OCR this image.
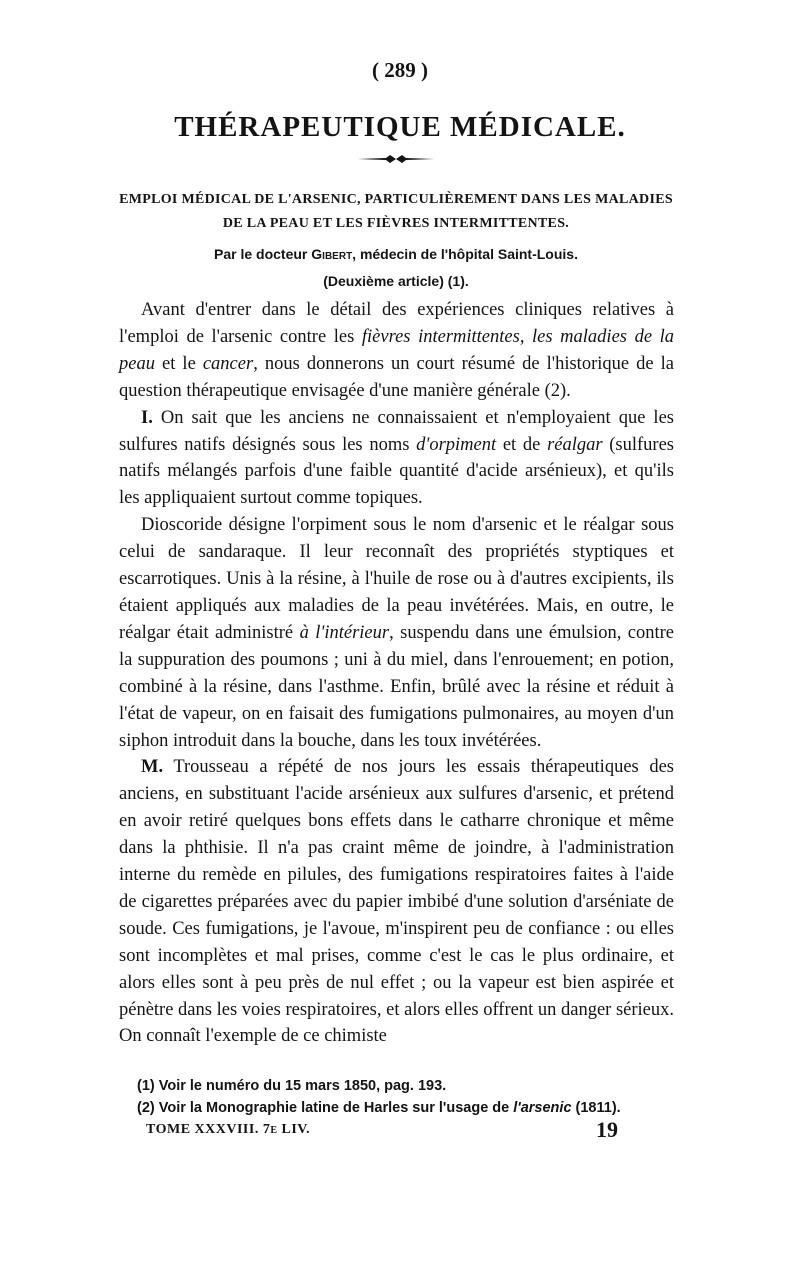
( 289 )
THÉRAPEUTIQUE MÉDICALE.
EMPLOI MÉDICAL DE L'ARSENIC, PARTICULIÈREMENT DANS LES MALADIES
DE LA PEAU ET LES FIÈVRES INTERMITTENTES.
Par le docteur Gibert, médecin de l'hôpital Saint-Louis.
(Deuxième article) (1).

Avant d'entrer dans le détail des expériences cliniques relatives à l'emploi de l'arsenic contre les fièvres intermittentes, les maladies de la peau et le cancer, nous donnerons un court résumé de l'historique de la question thérapeutique envisagée d'une manière générale (2).

I. On sait que les anciens ne connaissaient et n'employaient que les sulfures natifs désignés sous les noms d'orpiment et de réalgar (sulfures natifs mélangés parfois d'une faible quantité d'acide arsénieux), et qu'ils les appliquaient surtout comme topiques.

Dioscoride désigne l'orpiment sous le nom d'arsenic et le réalgar sous celui de sandaraque. Il leur reconnaît des propriétés styptiques et escarrotiques. Unis à la résine, à l'huile de rose ou à d'autres excipients, ils étaient appliqués aux maladies de la peau invétérées. Mais, en outre, le réalgar était administré à l'intérieur, suspendu dans une émulsion, contre la suppuration des poumons ; uni à du miel, dans l'enrouement; en potion, combiné à la résine, dans l'asthme. Enfin, brûlé avec la résine et réduit à l'état de vapeur, on en faisait des fumigations pulmonaires, au moyen d'un siphon introduit dans la bouche, dans les toux invétérées.

M. Trousseau a répété de nos jours les essais thérapeutiques des anciens, en substituant l'acide arsénieux aux sulfures d'arsenic, et prétend en avoir retiré quelques bons effets dans le catharre chronique et même dans la phthisie. Il n'a pas craint même de joindre, à l'administration interne du remède en pilules, des fumigations respiratoires faites à l'aide de cigarettes préparées avec du papier imbibé d'une solution d'arséniate de soude. Ces fumigations, je l'avoue, m'inspirent peu de confiance : ou elles sont incomplètes et mal prises, comme c'est le cas le plus ordinaire, et alors elles sont à peu près de nul effet ; ou la vapeur est bien aspirée et pénètre dans les voies respiratoires, et alors elles offrent un danger sérieux. On connaît l'exemple de ce chimiste

(1) Voir le numéro du 15 mars 1850, pag. 193.
(2) Voir la Monographie latine de Harles sur l'usage de l'arsenic (1811).
TOME XXXVIII. 7e LIV.	19
